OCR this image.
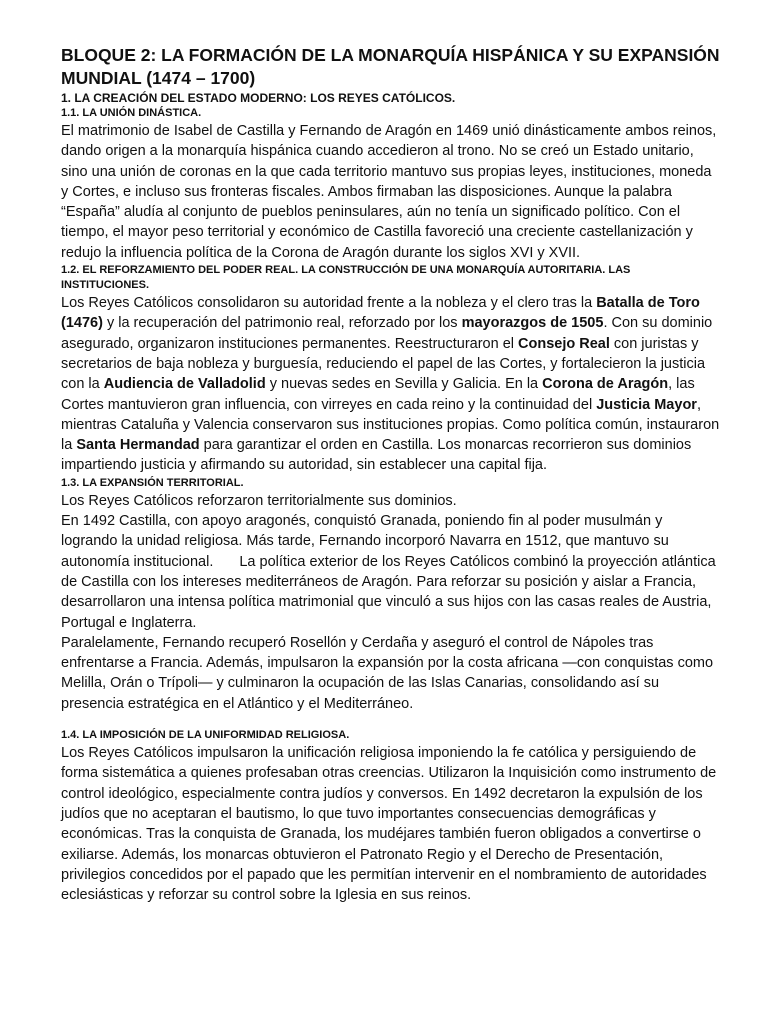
BLOQUE 2: LA FORMACIÓN DE LA MONARQUÍA HISPÁNICA Y SU EXPANSIÓN MUNDIAL (1474 – 1700)
1. LA CREACIÓN DEL ESTADO MODERNO: LOS REYES CATÓLICOS.
1.1. LA UNIÓN DINÁSTICA.

El matrimonio de Isabel de Castilla y Fernando de Aragón en 1469 unió dinásticamente ambos reinos, dando origen a la monarquía hispánica cuando accedieron al trono. No se creó un Estado unitario, sino una unión de coronas en la que cada territorio mantuvo sus propias leyes, instituciones, moneda y Cortes, e incluso sus fronteras fiscales. Ambos firmaban las disposiciones. Aunque la palabra “España” aludía al conjunto de pueblos peninsulares, aún no tenía un significado político. Con el tiempo, el mayor peso territorial y económico de Castilla favoreció una creciente castellanización y redujo la influencia política de la Corona de Aragón durante los siglos XVI y XVII.

1.2. EL REFORZAMIENTO DEL PODER REAL. LA CONSTRUCCIÓN DE UNA MONARQUÍA AUTORITARIA. LAS INSTITUCIONES.

Los Reyes Católicos consolidaron su autoridad frente a la nobleza y el clero tras la Batalla de Toro (1476) y la recuperación del patrimonio real, reforzado por los mayorazgos de 1505. Con su dominio asegurado, organizaron instituciones permanentes. Reestructuraron el Consejo Real con juristas y secretarios de baja nobleza y burguesía, reduciendo el papel de las Cortes, y fortalecieron la justicia con la Audiencia de Valladolid y nuevas sedes en Sevilla y Galicia. En la Corona de Aragón, las Cortes mantuvieron gran influencia, con virreyes en cada reino y la continuidad del Justicia Mayor, mientras Cataluña y Valencia conservaron sus instituciones propias. Como política común, instauraron la Santa Hermandad para garantizar el orden en Castilla. Los monarcas recorrieron sus dominios impartiendo justicia y afirmando su autoridad, sin establecer una capital fija.

1.3. LA EXPANSIÓN TERRITORIAL.

Los Reyes Católicos reforzaron territorialmente sus dominios.

En 1492 Castilla, con apoyo aragonés, conquistó Granada, poniendo fin al poder musulmán y logrando la unidad religiosa. Más tarde, Fernando incorporó Navarra en 1512, que mantuvo su autonomía institucional. La política exterior de los Reyes Católicos combinó la proyección atlántica de Castilla con los intereses mediterráneos de Aragón. Para reforzar su posición y aislar a Francia, desarrollaron una intensa política matrimonial que vinculó a sus hijos con las casas reales de Austria, Portugal e Inglaterra.

Paralelamente, Fernando recuperó Rosellón y Cerdaña y aseguró el control de Nápoles tras enfrentarse a Francia. Además, impulsaron la expansión por la costa africana —con conquistas como Melilla, Orán o Trípoli— y culminaron la ocupación de las Islas Canarias, consolidando así su presencia estratégica en el Atlántico y el Mediterráneo.

1.4. LA IMPOSICIÓN DE LA UNIFORMIDAD RELIGIOSA.

Los Reyes Católicos impulsaron la unificación religiosa imponiendo la fe católica y persiguiendo de forma sistemática a quienes profesaban otras creencias. Utilizaron la Inquisición como instrumento de control ideológico, especialmente contra judíos y conversos. En 1492 decretaron la expulsión de los judíos que no aceptaran el bautismo, lo que tuvo importantes consecuencias demográficas y económicas. Tras la conquista de Granada, los mudéjares también fueron obligados a convertirse o exiliarse. Además, los monarcas obtuvieron el Patronato Regio y el Derecho de Presentación, privilegios concedidos por el papado que les permitían intervenir en el nombramiento de autoridades eclesiásticas y reforzar su control sobre la Iglesia en sus reinos.
